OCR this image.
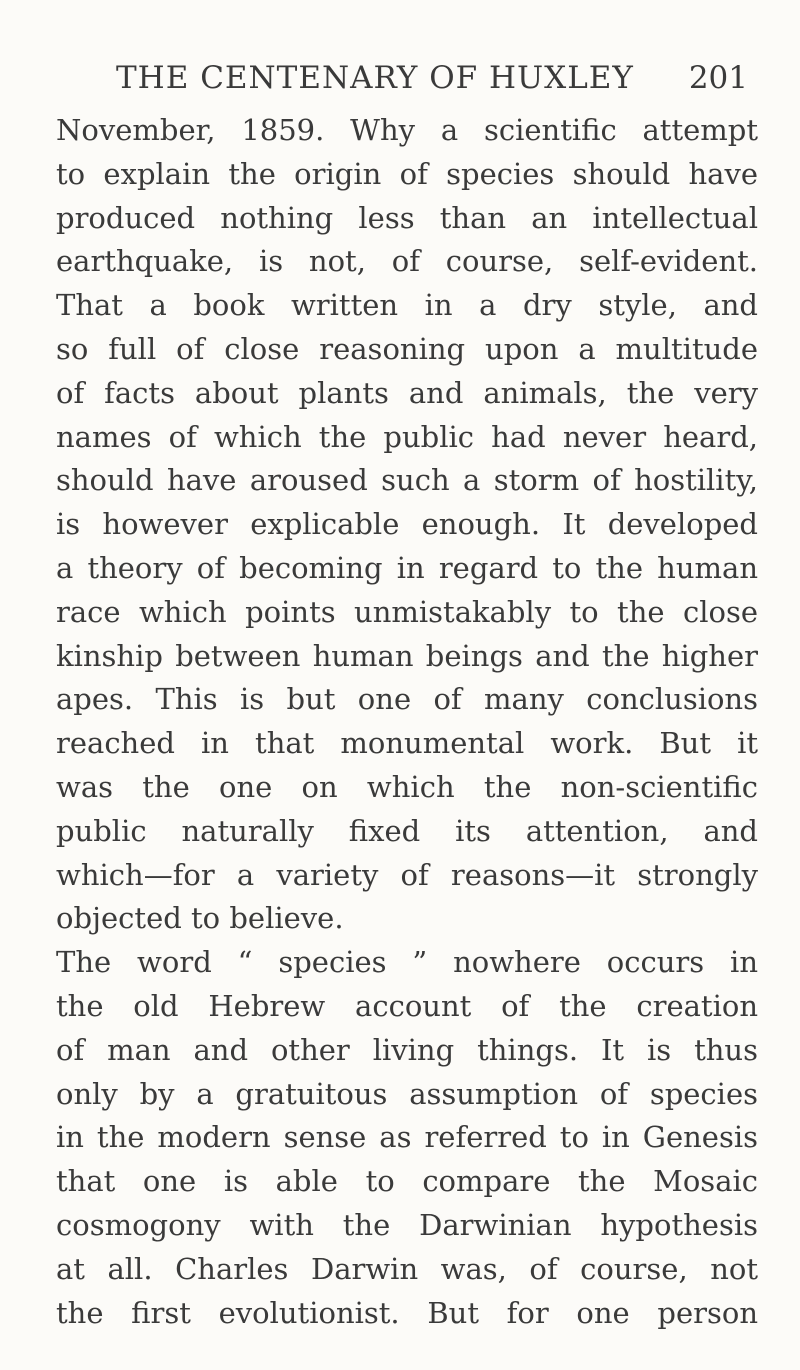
THE CENTENARY OF HUXLEY 201
November, 1859. Why a scientific attempt
to explain the origin of species should have
produced nothing less than an intellectual
earthquake, is not, of course, self-evident.
That a book written in a dry style, and
so full of close reasoning upon a multitude
of facts about plants and animals, the very
names of which the public had never heard,
should have aroused such a storm of hostility,
is however explicable enough. It developed
a theory of becoming in regard to the human
race which points unmistakably to the close
kinship between human beings and the higher
apes. This is but one of many conclusions
reached in that monumental work. But it
was the one on which the non-scientific
public naturally fixed its attention, and
which—for a variety of reasons—it strongly
objected to believe.
The word “ species ” nowhere occurs in
the old Hebrew account of the creation
of man and other living things. It is thus
only by a gratuitous assumption of species
in the modern sense as referred to in Genesis
that one is able to compare the Mosaic
cosmogony with the Darwinian hypothesis
at all. Charles Darwin was, of course, not
the first evolutionist. But for one person
